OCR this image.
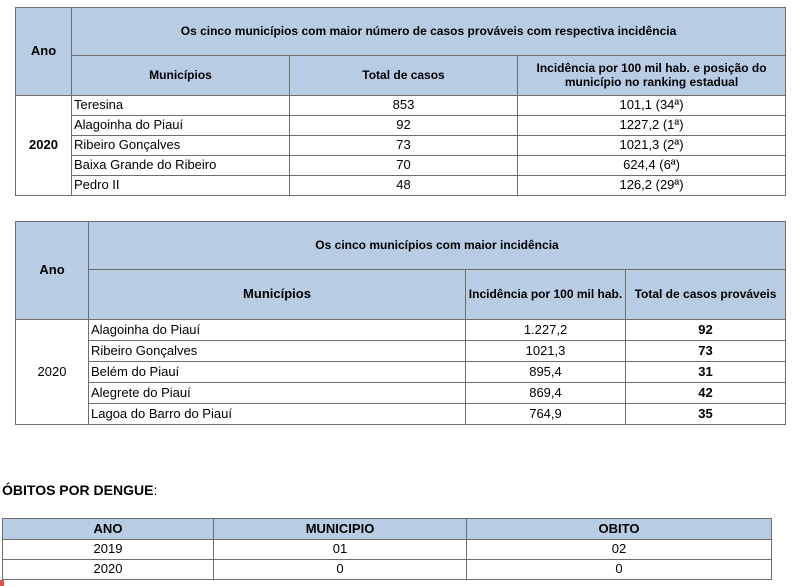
Ano	Os cinco municípios com maior número de casos prováveis com respectiva incidência		
	Municípios	Total de casos	Incidência por 100 mil hab. e posição do município no ranking estadual
2020	Teresina	853	101,1 (34ª)
	Alagoinha do Piauí	92	1227,2 (1ª)
	Ribeiro Gonçalves	73	1021,3 (2ª)
	Baixa Grande do Ribeiro	70	624,4 (6ª)
	Pedro II	48	126,2 (29ª)
Ano	Os cinco municípios com maior incidência		
	Municípios	Incidência por 100 mil hab.	Total de casos prováveis
2020	Alagoinha do Piauí	1.227,2	92
	Ribeiro Gonçalves	1021,3	73
	Belém do Piauí	895,4	31
	Alegrete do Piauí	869,4	42
	Lagoa do Barro do Piauí	764,9	35
ÓBITOS POR DENGUE:
ANO	MUNICIPIO	OBITO
2019	01	02
2020	0	0
